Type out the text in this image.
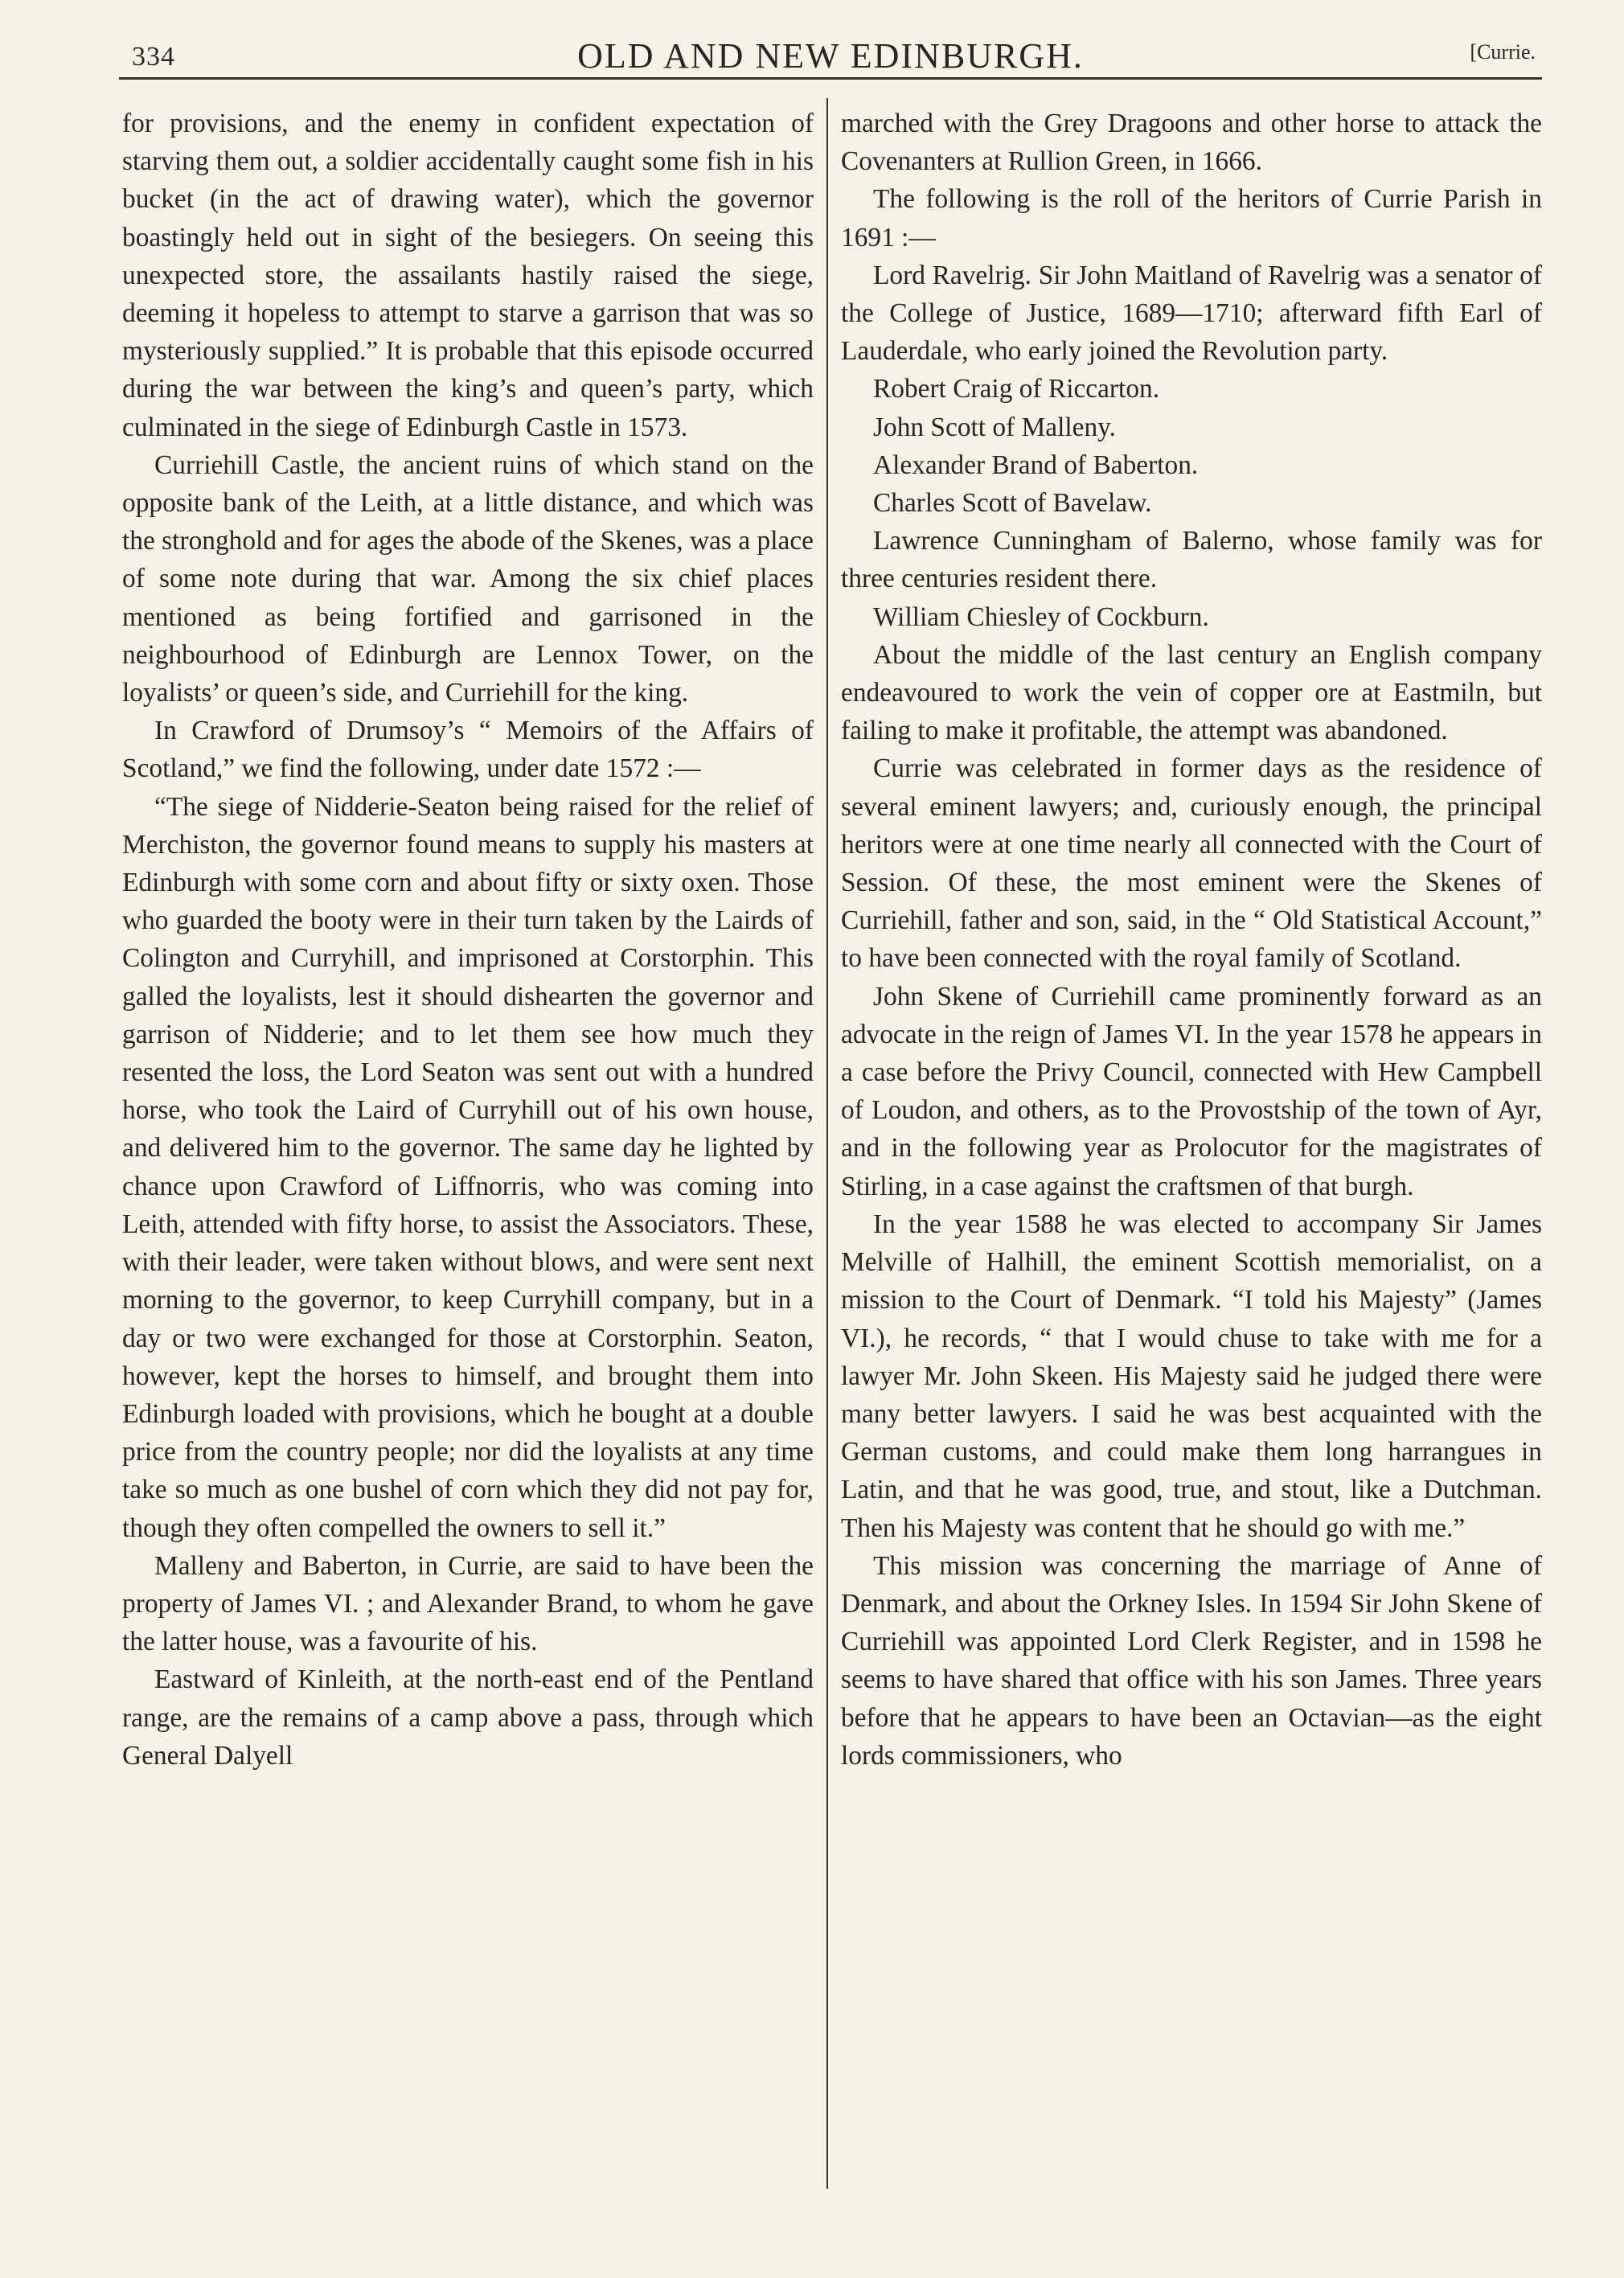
334	OLD AND NEW EDINBURGH.	[Currie.

for provisions, and the enemy in confident expectation of starving them out, a soldier accidentally caught some fish in his bucket (in the act of drawing water), which the governor boastingly held out in sight of the besiegers. On seeing this unexpected store, the assailants hastily raised the siege, deeming it hopeless to attempt to starve a garrison that was so mysteriously supplied.” It is probable that this episode occurred during the war between the king’s and queen’s party, which culminated in the siege of Edinburgh Castle in 1573.

Curriehill Castle, the ancient ruins of which stand on the opposite bank of the Leith, at a little distance, and which was the stronghold and for ages the abode of the Skenes, was a place of some note during that war. Among the six chief places mentioned as being fortified and garrisoned in the neighbourhood of Edinburgh are Lennox Tower, on the loyalists’ or queen’s side, and Curriehill for the king.

In Crawford of Drumsoy’s “ Memoirs of the Affairs of Scotland,” we find the following, under date 1572 :—

“The siege of Nidderie-Seaton being raised for the relief of Merchiston, the governor found means to supply his masters at Edinburgh with some corn and about fifty or sixty oxen. Those who guarded the booty were in their turn taken by the Lairds of Colington and Curryhill, and imprisoned at Corstorphin. This galled the loyalists, lest it should dishearten the governor and garrison of Nidderie; and to let them see how much they resented the loss, the Lord Seaton was sent out with a hundred horse, who took the Laird of Curryhill out of his own house, and delivered him to the governor. The same day he lighted by chance upon Crawford of Liffnorris, who was coming into Leith, attended with fifty horse, to assist the Associators. These, with their leader, were taken without blows, and were sent next morning to the governor, to keep Curryhill company, but in a day or two were exchanged for those at Corstorphin. Seaton, however, kept the horses to himself, and brought them into Edinburgh loaded with provisions, which he bought at a double price from the country people; nor did the loyalists at any time take so much as one bushel of corn which they did not pay for, though they often compelled the owners to sell it.”

Malleny and Baberton, in Currie, are said to have been the property of James VI. ; and Alexander Brand, to whom he gave the latter house, was a favourite of his.

Eastward of Kinleith, at the north-east end of the Pentland range, are the remains of a camp above a pass, through which General Dalyell

marched with the Grey Dragoons and other horse to attack the Covenanters at Rullion Green, in 1666.

The following is the roll of the heritors of Currie Parish in 1691 :—

Lord Ravelrig. Sir John Maitland of Ravelrig was a senator of the College of Justice, 1689—1710; afterward fifth Earl of Lauderdale, who early joined the Revolution party.

Robert Craig of Riccarton.

John Scott of Malleny.

Alexander Brand of Baberton.

Charles Scott of Bavelaw.

Lawrence Cunningham of Balerno, whose family was for three centuries resident there.

William Chiesley of Cockburn.

About the middle of the last century an English company endeavoured to work the vein of copper ore at Eastmiln, but failing to make it profitable, the attempt was abandoned.

Currie was celebrated in former days as the residence of several eminent lawyers; and, curiously enough, the principal heritors were at one time nearly all connected with the Court of Session. Of these, the most eminent were the Skenes of Curriehill, father and son, said, in the “ Old Statistical Account,” to have been connected with the royal family of Scotland.

John Skene of Curriehill came prominently forward as an advocate in the reign of James VI. In the year 1578 he appears in a case before the Privy Council, connected with Hew Campbell of Loudon, and others, as to the Provostship of the town of Ayr, and in the following year as Prolocutor for the magistrates of Stirling, in a case against the craftsmen of that burgh.

In the year 1588 he was elected to accompany Sir James Melville of Halhill, the eminent Scottish memorialist, on a mission to the Court of Denmark. “I told his Majesty” (James VI.), he records, “ that I would chuse to take with me for a lawyer Mr. John Skeen. His Majesty said he judged there were many better lawyers. I said he was best acquainted with the German customs, and could make them long harrangues in Latin, and that he was good, true, and stout, like a Dutchman. Then his Majesty was content that he should go with me.”

This mission was concerning the marriage of Anne of Denmark, and about the Orkney Isles. In 1594 Sir John Skene of Curriehill was appointed Lord Clerk Register, and in 1598 he seems to have shared that office with his son James. Three years before that he appears to have been an Octavian—as the eight lords commissioners, who
